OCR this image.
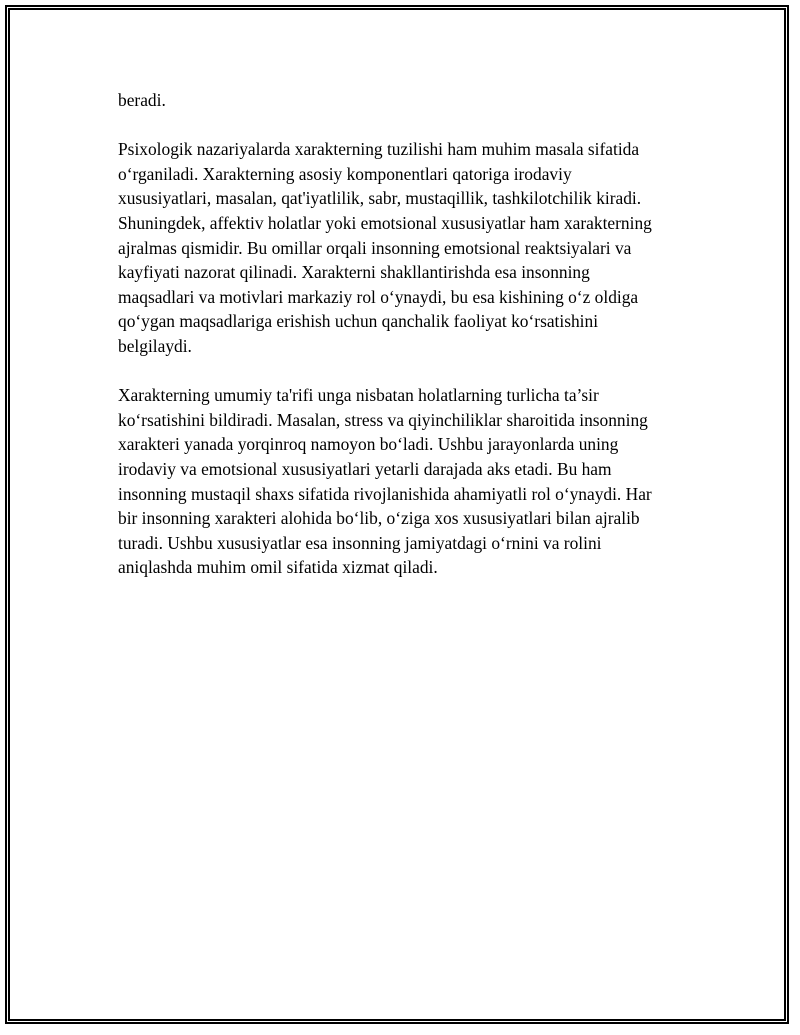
beradi.

Psixologik nazariyalarda xarakterning tuzilishi ham muhim masala sifatida
o‘rganiladi. Xarakterning asosiy komponentlari qatoriga irodaviy
xususiyatlari, masalan, qat'iyatlilik, sabr, mustaqillik, tashkilotchilik kiradi.
Shuningdek, affektiv holatlar yoki emotsional xususiyatlar ham xarakterning
ajralmas qismidir. Bu omillar orqali insonning emotsional reaktsiyalari va
kayfiyati nazorat qilinadi. Xarakterni shakllantirishda esa insonning
maqsadlari va motivlari markaziy rol o‘ynaydi, bu esa kishining o‘z oldiga
qo‘ygan maqsadlariga erishish uchun qanchalik faoliyat ko‘rsatishini
belgilaydi.

Xarakterning umumiy ta'rifi unga nisbatan holatlarning turlicha ta’sir
ko‘rsatishini bildiradi. Masalan, stress va qiyinchiliklar sharoitida insonning
xarakteri yanada yorqinroq namoyon bo‘ladi. Ushbu jarayonlarda uning
irodaviy va emotsional xususiyatlari yetarli darajada aks etadi. Bu ham
insonning mustaqil shaxs sifatida rivojlanishida ahamiyatli rol o‘ynaydi. Har
bir insonning xarakteri alohida bo‘lib, o‘ziga xos xususiyatlari bilan ajralib
turadi. Ushbu xususiyatlar esa insonning jamiyatdagi o‘rnini va rolini
aniqlashda muhim omil sifatida xizmat qiladi.
